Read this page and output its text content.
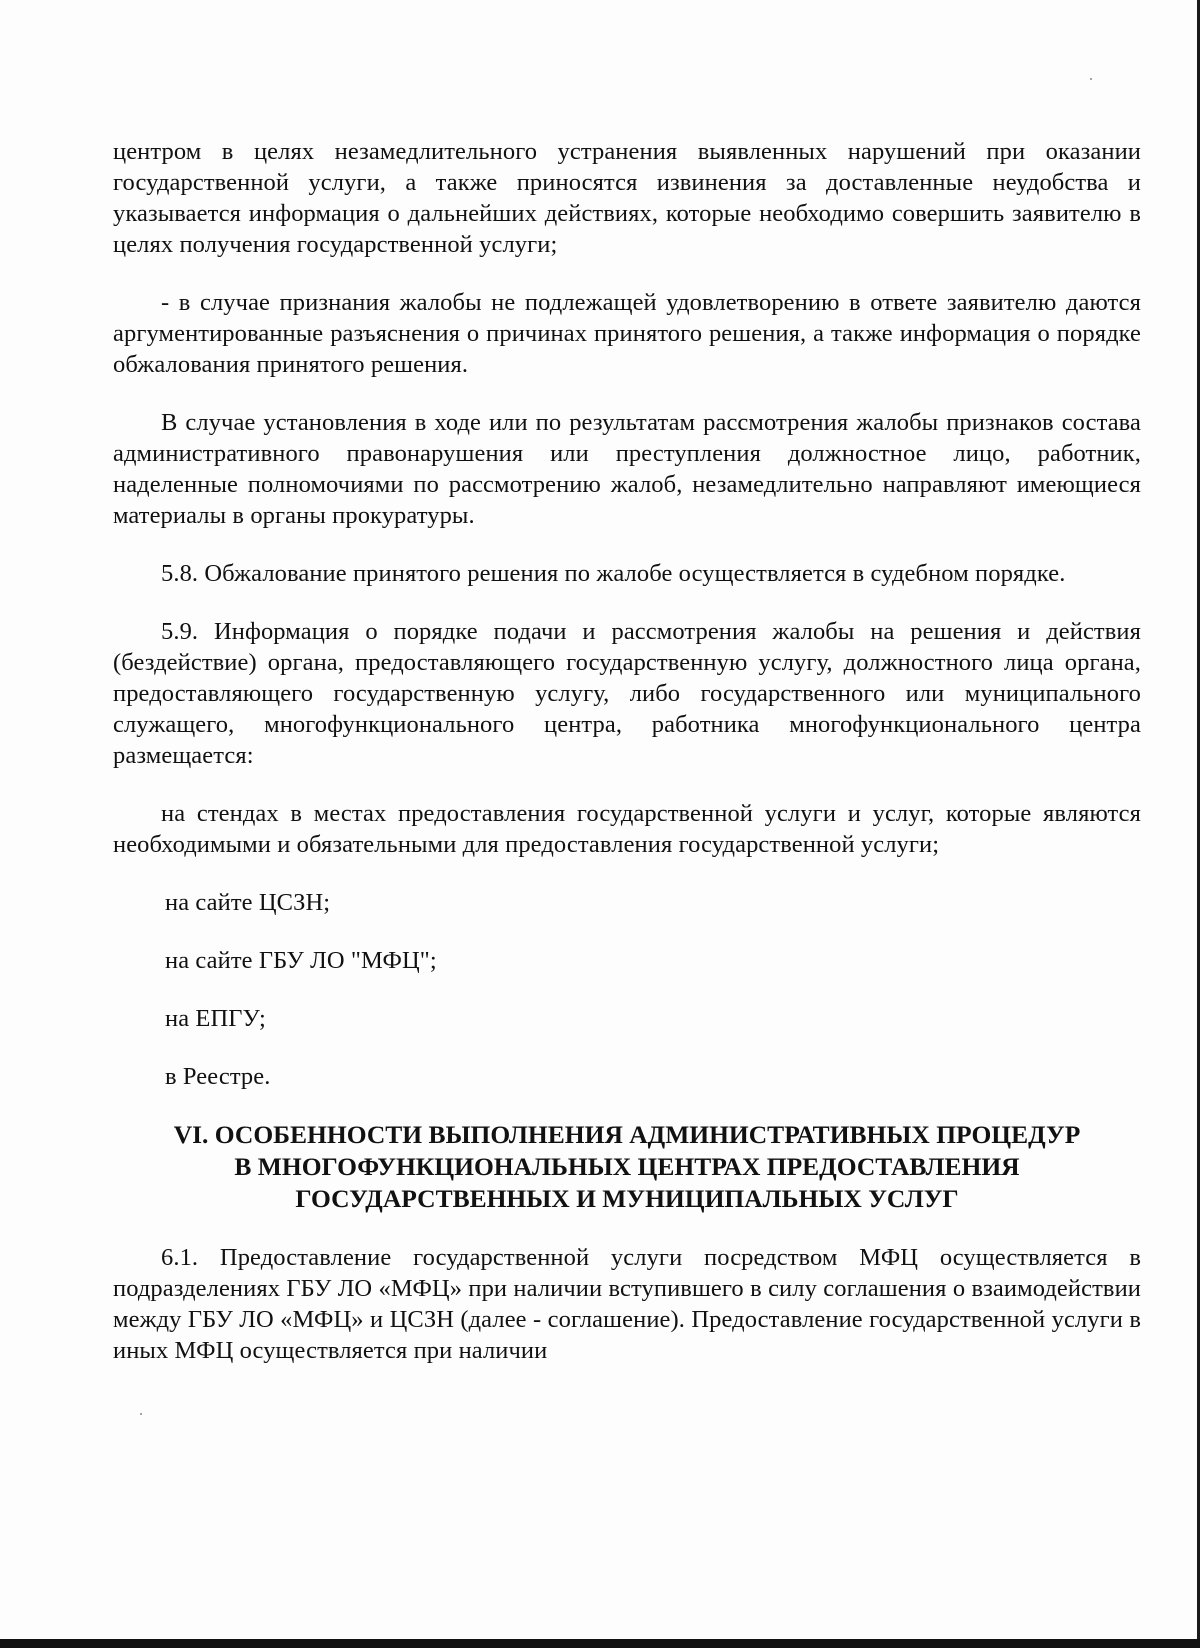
центром в целях незамедлительного устранения выявленных нарушений при оказании государственной услуги, а также приносятся извинения за доставленные неудобства и указывается информация о дальнейших действиях, которые необходимо совершить заявителю в целях получения государственной услуги;

- в случае признания жалобы не подлежащей удовлетворению в ответе заявителю даются аргументированные разъяснения о причинах принятого решения, а также информация о порядке обжалования принятого решения.

В случае установления в ходе или по результатам рассмотрения жалобы признаков состава административного правонарушения или преступления должностное лицо, работник, наделенные полномочиями по рассмотрению жалоб, незамедлительно направляют имеющиеся материалы в органы прокуратуры.

5.8. Обжалование принятого решения по жалобе осуществляется в судебном порядке.

5.9. Информация о порядке подачи и рассмотрения жалобы на решения и действия (бездействие) органа, предоставляющего государственную услугу, должностного лица органа, предоставляющего государственную услугу, либо государственного или муниципального служащего, многофункционального центра, работника многофункционального центра размещается:

на стендах в местах предоставления государственной услуги и услуг, которые являются необходимыми и обязательными для предоставления государственной услуги;

на сайте ЦСЗН;

на сайте ГБУ ЛО "МФЦ";

на ЕПГУ;

в Реестре.

VI. ОСОБЕННОСТИ ВЫПОЛНЕНИЯ АДМИНИСТРАТИВНЫХ ПРОЦЕДУР
В МНОГОФУНКЦИОНАЛЬНЫХ ЦЕНТРАХ ПРЕДОСТАВЛЕНИЯ
ГОСУДАРСТВЕННЫХ И МУНИЦИПАЛЬНЫХ УСЛУГ

6.1. Предоставление государственной услуги посредством МФЦ осуществляется в подразделениях ГБУ ЛО «МФЦ» при наличии вступившего в силу соглашения о взаимодействии между ГБУ ЛО «МФЦ» и ЦСЗН (далее - соглашение). Предоставление государственной услуги в иных МФЦ осуществляется при наличии
